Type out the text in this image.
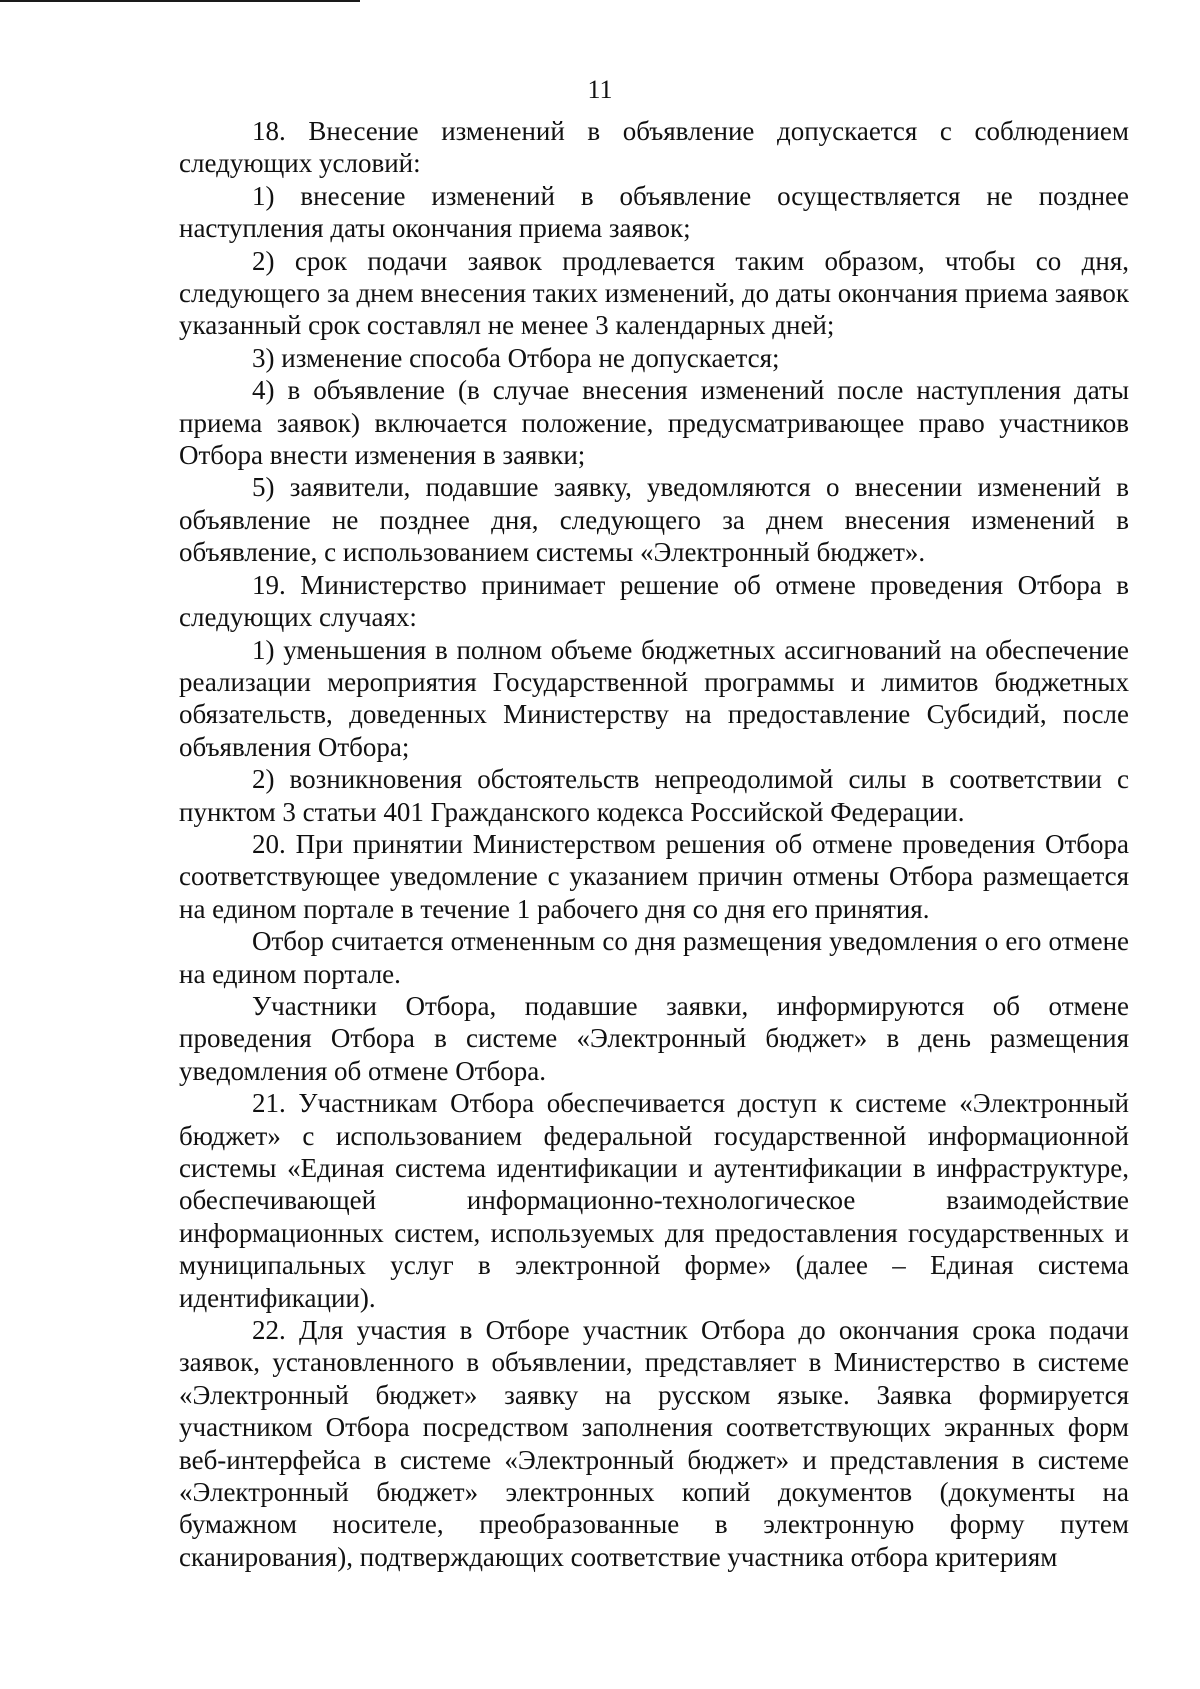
11

18. Внесение изменений в объявление допускается с соблюдением следующих условий:

1) внесение изменений в объявление осуществляется не позднее наступления даты окончания приема заявок;

2) срок подачи заявок продлевается таким образом, чтобы со дня, следующего за днем внесения таких изменений, до даты окончания приема заявок указанный срок составлял не менее 3 календарных дней;

3) изменение способа Отбора не допускается;

4) в объявление (в случае внесения изменений после наступления даты приема заявок) включается положение, предусматривающее право участников Отбора внести изменения в заявки;

5) заявители, подавшие заявку, уведомляются о внесении изменений в объявление не позднее дня, следующего за днем внесения изменений в объявление, с использованием системы «Электронный бюджет».

19. Министерство принимает решение об отмене проведения Отбора в следующих случаях:

1) уменьшения в полном объеме бюджетных ассигнований на обеспечение реализации мероприятия Государственной программы и лимитов бюджетных обязательств, доведенных Министерству на предоставление Субсидий, после объявления Отбора;

2) возникновения обстоятельств непреодолимой силы в соответствии с пунктом 3 статьи 401 Гражданского кодекса Российской Федерации.

20. При принятии Министерством решения об отмене проведения Отбора соответствующее уведомление с указанием причин отмены Отбора размещается на едином портале в течение 1 рабочего дня со дня его принятия.

Отбор считается отмененным со дня размещения уведомления о его отмене на едином портале.

Участники Отбора, подавшие заявки, информируются об отмене проведения Отбора в системе «Электронный бюджет» в день размещения уведомления об отмене Отбора.

21. Участникам Отбора обеспечивается доступ к системе «Электронный бюджет» с использованием федеральной государственной информационной системы «Единая система идентификации и аутентификации в инфраструктуре, обеспечивающей информационно-технологическое взаимодействие информационных систем, используемых для предоставления государственных и муниципальных услуг в электронной форме» (далее – Единая система идентификации).

22. Для участия в Отборе участник Отбора до окончания срока подачи заявок, установленного в объявлении, представляет в Министерство в системе «Электронный бюджет» заявку на русском языке. Заявка формируется участником Отбора посредством заполнения соответствующих экранных форм веб-интерфейса в системе «Электронный бюджет» и представления в системе «Электронный бюджет» электронных копий документов (документы на бумажном носителе, преобразованные в электронную форму путем сканирования), подтверждающих соответствие участника отбора критериям
